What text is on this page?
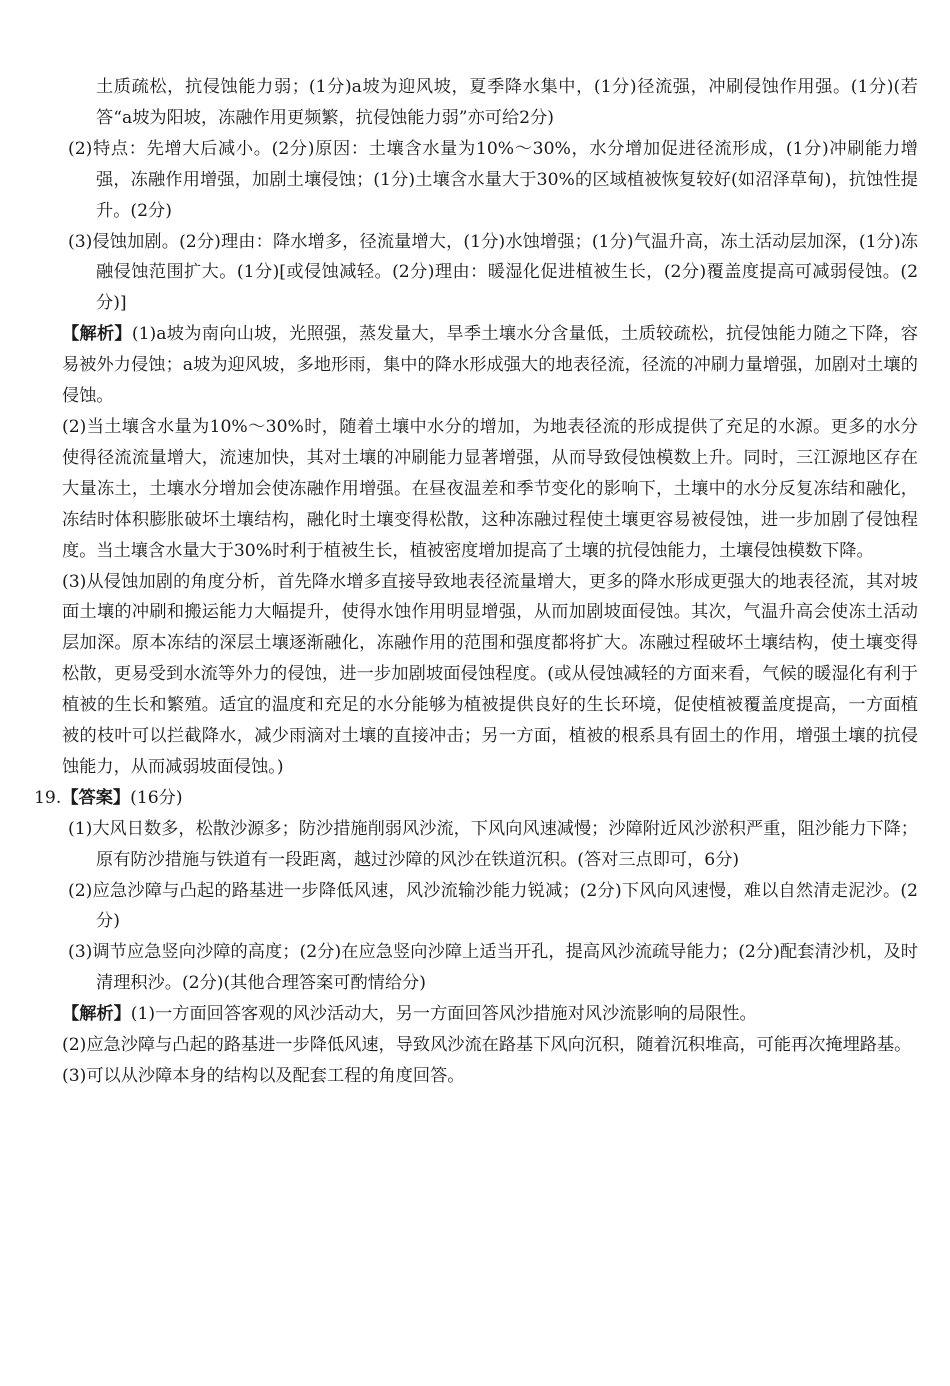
土质疏松，抗侵蚀能力弱；(1分)a坡为迎风坡，夏季降水集中，(1分)径流强，冲刷侵蚀作用强。(1分)(若答“a坡为阳坡，冻融作用更频繁，抗侵蚀能力弱”亦可给2分)

(2)特点：先增大后减小。(2分)原因：土壤含水量为10%～30%，水分增加促进径流形成，(1分)冲刷能力增强，冻融作用增强，加剧土壤侵蚀；(1分)土壤含水量大于30%的区域植被恢复较好(如沼泽草甸)，抗蚀性提升。(2分)

(3)侵蚀加剧。(2分)理由：降水增多，径流量增大，(1分)水蚀增强；(1分)气温升高，冻土活动层加深，(1分)冻融侵蚀范围扩大。(1分)[或侵蚀减轻。(2分)理由：暖湿化促进植被生长，(2分)覆盖度提高可减弱侵蚀。(2分)]

【解析】(1)a坡为南向山坡，光照强，蒸发量大，旱季土壤水分含量低，土质较疏松，抗侵蚀能力随之下降，容易被外力侵蚀；a坡为迎风坡，多地形雨，集中的降水形成强大的地表径流，径流的冲刷力量增强，加剧对土壤的侵蚀。

(2)当土壤含水量为10%～30%时，随着土壤中水分的增加，为地表径流的形成提供了充足的水源。更多的水分使得径流流量增大，流速加快，其对土壤的冲刷能力显著增强，从而导致侵蚀模数上升。同时，三江源地区存在大量冻土，土壤水分增加会使冻融作用增强。在昼夜温差和季节变化的影响下，土壤中的水分反复冻结和融化，冻结时体积膨胀破坏土壤结构，融化时土壤变得松散，这种冻融过程使土壤更容易被侵蚀，进一步加剧了侵蚀程度。当土壤含水量大于30%时利于植被生长，植被密度增加提高了土壤的抗侵蚀能力，土壤侵蚀模数下降。

(3)从侵蚀加剧的角度分析，首先降水增多直接导致地表径流量增大，更多的降水形成更强大的地表径流，其对坡面土壤的冲刷和搬运能力大幅提升，使得水蚀作用明显增强，从而加剧坡面侵蚀。其次，气温升高会使冻土活动层加深。原本冻结的深层土壤逐渐融化，冻融作用的范围和强度都将扩大。冻融过程破坏土壤结构，使土壤变得松散，更易受到水流等外力的侵蚀，进一步加剧坡面侵蚀程度。(或从侵蚀减轻的方面来看，气候的暖湿化有利于植被的生长和繁殖。适宜的温度和充足的水分能够为植被提供良好的生长环境，促使植被覆盖度提高，一方面植被的枝叶可以拦截降水，减少雨滴对土壤的直接冲击；另一方面，植被的根系具有固土的作用，增强土壤的抗侵蚀能力，从而减弱坡面侵蚀。)

19.【答案】(16分)

(1)大风日数多，松散沙源多；防沙措施削弱风沙流，下风向风速减慢；沙障附近风沙淤积严重，阻沙能力下降；原有防沙措施与铁道有一段距离，越过沙障的风沙在铁道沉积。(答对三点即可，6分)

(2)应急沙障与凸起的路基进一步降低风速，风沙流输沙能力锐减；(2分)下风向风速慢，难以自然清走泥沙。(2分)

(3)调节应急竖向沙障的高度；(2分)在应急竖向沙障上适当开孔，提高风沙流疏导能力；(2分)配套清沙机，及时清理积沙。(2分)(其他合理答案可酌情给分)

【解析】(1)一方面回答客观的风沙活动大，另一方面回答风沙措施对风沙流影响的局限性。

(2)应急沙障与凸起的路基进一步降低风速，导致风沙流在路基下风向沉积，随着沉积堆高，可能再次掩埋路基。

(3)可以从沙障本身的结构以及配套工程的角度回答。
